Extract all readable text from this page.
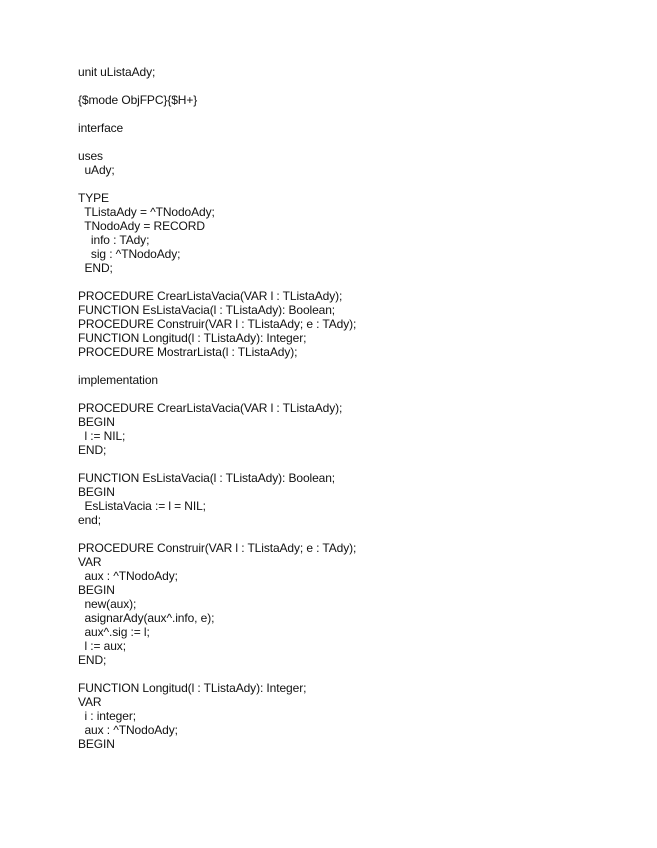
unit uListaAdy;
{$mode ObjFPC}{$H+}
interface
uses
uAdy;
TYPE
TListaAdy = ^TNodoAdy;
TNodoAdy = RECORD
info : TAdy;
sig : ^TNodoAdy;
END;
PROCEDURE CrearListaVacia(VAR l : TListaAdy);
FUNCTION EsListaVacia(l : TListaAdy): Boolean;
PROCEDURE Construir(VAR l : TListaAdy; e : TAdy);
FUNCTION Longitud(l : TListaAdy): Integer;
PROCEDURE MostrarLista(l : TListaAdy);
implementation
PROCEDURE CrearListaVacia(VAR l : TListaAdy);
BEGIN
l := NIL;
END;
FUNCTION EsListaVacia(l : TListaAdy): Boolean;
BEGIN
EsListaVacia := l = NIL;
end;
PROCEDURE Construir(VAR l : TListaAdy; e : TAdy);
VAR
aux : ^TNodoAdy;
BEGIN
new(aux);
asignarAdy(aux^.info, e);
aux^.sig := l;
l := aux;
END;
FUNCTION Longitud(l : TListaAdy): Integer;
VAR
i : integer;
aux : ^TNodoAdy;
BEGIN
